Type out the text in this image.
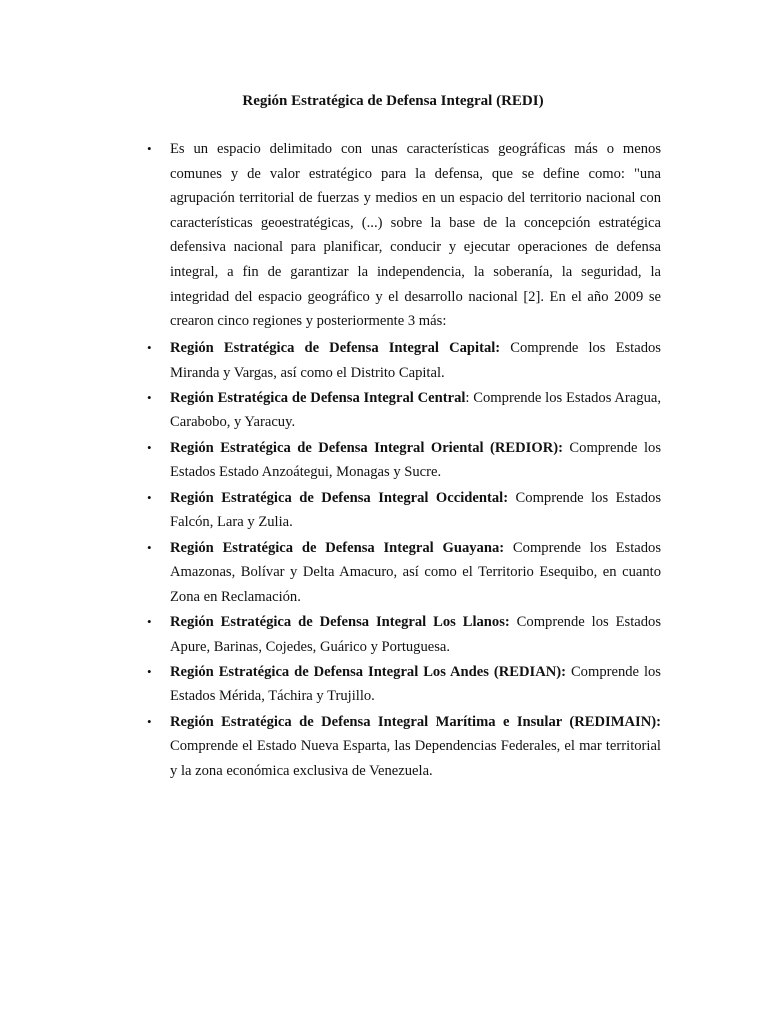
Región Estratégica de Defensa Integral (REDI)
• Es un espacio delimitado con unas características geográficas más o menos comunes y de valor estratégico para la defensa, que se define como: "una agrupación territorial de fuerzas y medios en un espacio del territorio nacional con características geoestratégicas, (...) sobre la base de la concepción estratégica defensiva nacional para planificar, conducir y ejecutar operaciones de defensa integral, a fin de garantizar la independencia, la soberanía, la seguridad, la integridad del espacio geográfico y el desarrollo nacional [2]. En el año 2009 se crearon cinco regiones y posteriormente 3 más:
• Región Estratégica de Defensa Integral Capital: Comprende los Estados Miranda y Vargas, así como el Distrito Capital.
• Región Estratégica de Defensa Integral Central: Comprende los Estados Aragua, Carabobo, y Yaracuy.
• Región Estratégica de Defensa Integral Oriental (REDIOR): Comprende los Estados Estado Anzoátegui, Monagas y Sucre.
• Región Estratégica de Defensa Integral Occidental: Comprende los Estados Falcón, Lara y Zulia.
• Región Estratégica de Defensa Integral Guayana: Comprende los Estados Amazonas, Bolívar y Delta Amacuro, así como el Territorio Esequibo, en cuanto Zona en Reclamación.
• Región Estratégica de Defensa Integral Los Llanos: Comprende los Estados Apure, Barinas, Cojedes, Guárico y Portuguesa.
• Región Estratégica de Defensa Integral Los Andes (REDIAN): Comprende los Estados Mérida, Táchira y Trujillo.
• Región Estratégica de Defensa Integral Marítima e Insular (REDIMAIN): Comprende el Estado Nueva Esparta, las Dependencias Federales, el mar territorial y la zona económica exclusiva de Venezuela.
